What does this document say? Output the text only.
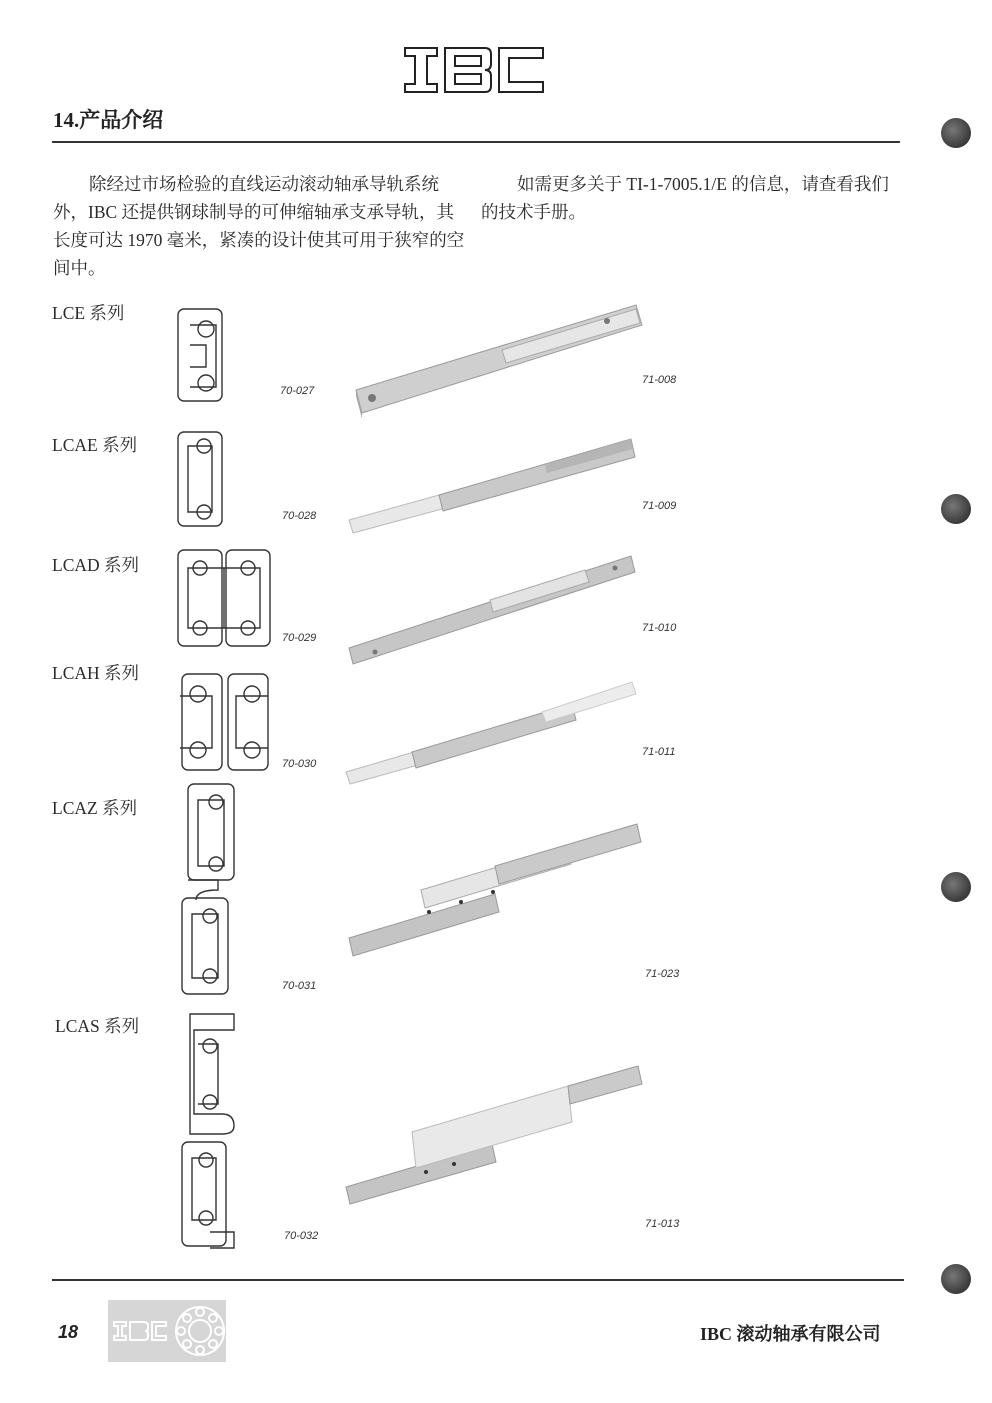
14.产品介绍
除经过市场检验的直线运动滚动轴承导轨系统外，IBC 还提供钢球制导的可伸缩轴承支承导轨，其长度可达 1970 毫米，紧凑的设计使其可用于狭窄的空间中。
如需更多关于 TI-1-7005.1/E 的信息，请查看我们的技术手册。
LCE 系列
70-027
71-008
LCAE 系列
70-028
71-009
LCAD 系列
70-029
71-010
LCAH 系列
70-030
71-011
LCAZ 系列
70-031
71-023
LCAS 系列
70-032
71-013
18	IBC 滚动轴承有限公司
